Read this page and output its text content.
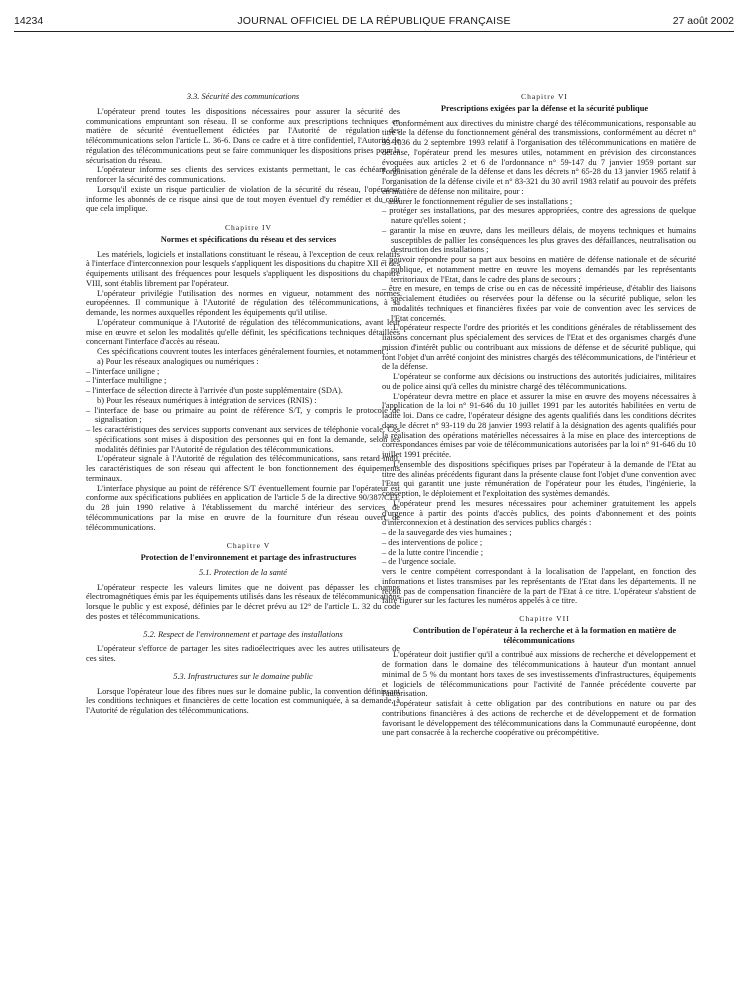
14234	JOURNAL OFFICIEL DE LA RÉPUBLIQUE FRANÇAISE	27 août 2002

3.3. Sécurité des communications

L'opérateur prend toutes les dispositions nécessaires pour assurer la sécurité des communications empruntant son réseau. Il se conforme aux prescriptions techniques en matière de sécurité éventuellement édictées par l'Autorité de régulation des télécommunications selon l'article L. 36-6. Dans ce cadre et à titre confidentiel, l'Autorité de régulation des télécommunications peut se faire communiquer les dispositions prises pour la sécurisation du réseau.

L'opérateur informe ses clients des services existants permettant, le cas échéant, de renforcer la sécurité des communications.

Lorsqu'il existe un risque particulier de violation de la sécurité du réseau, l'opérateur informe les abonnés de ce risque ainsi que de tout moyen éventuel d'y remédier et du coût que cela implique.

Chapitre IV

Normes et spécifications du réseau et des services

Les matériels, logiciels et installations constituant le réseau, à l'exception de ceux relatifs à l'interface d'interconnexion pour lesquels s'appliquent les dispositions du chapitre XII et des équipements utilisant des fréquences pour lesquels s'appliquent les dispositions du chapitre VIII, sont établis librement par l'opérateur.

L'opérateur privilégie l'utilisation des normes en vigueur, notamment des normes européennes. Il communique à l'Autorité de régulation des télécommunications, à sa demande, les normes auxquelles répondent les équipements qu'il utilise.

L'opérateur communique à l'Autorité de régulation des télécommunications, avant leur mise en œuvre et selon les modalités qu'elle définit, les spécifications techniques détaillées concernant l'interface d'accès au réseau.

Ces spécifications couvrent toutes les interfaces généralement fournies, et notamment :

a) Pour les réseaux analogiques ou numériques :

– l'interface uniligne ;
– l'interface multiligne ;
– l'interface de sélection directe à l'arrivée d'un poste supplémentaire (SDA).

b) Pour les réseaux numériques à intégration de services (RNIS) :

– l'interface de base ou primaire au point de référence S/T, y compris le protocole de signalisation ;
– les caractéristiques des services supports convenant aux services de téléphonie vocale. Ces spécifications sont mises à disposition des personnes qui en font la demande, selon les modalités définies par l'Autorité de régulation des télécommunications.

L'opérateur signale à l'Autorité de régulation des télécommunications, sans retard indû, les caractéristiques de son réseau qui affectent le bon fonctionnement des équipements terminaux.

L'interface physique au point de référence S/T éventuellement fournie par l'opérateur est conforme aux spécifications publiées en application de l'article 5 de la directive 90/387/CEE du 28 juin 1990 relative à l'établissement du marché intérieur des services de télécommunications par la mise en œuvre de la fourniture d'un réseau ouvert de télécommunications.

Chapitre V

Protection de l'environnement et partage des infrastructures

5.1. Protection de la santé

L'opérateur respecte les valeurs limites que ne doivent pas dépasser les champs électromagnétiques émis par les équipements utilisés dans les réseaux de télécommunications lorsque le public y est exposé, définies par le décret prévu au 12° de l'article L. 32 du code des postes et télécommunications.

5.2. Respect de l'environnement et partage des installations

L'opérateur s'efforce de partager les sites radioélectriques avec les autres utilisateurs de ces sites.

5.3. Infrastructures sur le domaine public

Lorsque l'opérateur loue des fibres nues sur le domaine public, la convention définissant les conditions techniques et financières de cette location est communiquée, à sa demande, à l'Autorité de régulation des télécommunications.

Chapitre VI

Prescriptions exigées par la défense et la sécurité publique

Conformément aux directives du ministre chargé des télécommunications, responsable au titre de la défense du fonctionnement général des transmissions, conformément au décret n° 93-1036 du 2 septembre 1993 relatif à l'organisation des télécommunications en matière de défense, l'opérateur prend les mesures utiles, notamment en prévision des circonstances évoquées aux articles 2 et 6 de l'ordonnance n° 59-147 du 7 janvier 1959 portant sur l'organisation générale de la défense et dans les décrets n° 65-28 du 13 janvier 1965 relatif à l'organisation de la défense civile et n° 83-321 du 30 avril 1983 relatif au pouvoir des préfets en matière de défense non militaire, pour :

– assurer le fonctionnement régulier de ses installations ;
– protéger ses installations, par des mesures appropriées, contre des agressions de quelque nature qu'elles soient ;
– garantir la mise en œuvre, dans les meilleurs délais, de moyens techniques et humains susceptibles de pallier les conséquences les plus graves des défaillances, neutralisation ou destruction des installations ;
– pouvoir répondre pour sa part aux besoins en matière de défense nationale et de sécurité publique, et notamment mettre en œuvre les moyens demandés par les représentants territoriaux de l'Etat, dans le cadre des plans de secours ;
– être en mesure, en temps de crise ou en cas de nécessité impérieuse, d'établir des liaisons spécialement étudiées ou réservées pour la défense ou la sécurité publique, selon les modalités techniques et financières fixées par voie de convention avec les services de l'Etat concernés.

L'opérateur respecte l'ordre des priorités et les conditions générales de rétablissement des liaisons concernant plus spécialement des services de l'Etat et des organismes chargés d'une mission d'intérêt public ou contribuant aux missions de défense et de sécurité publique, qui font l'objet d'un arrêté conjoint des ministres chargés des télécommunications, de l'intérieur et de la défense.

L'opérateur se conforme aux décisions ou instructions des autorités judiciaires, militaires ou de police ainsi qu'à celles du ministre chargé des télécommunications.

L'opérateur devra mettre en place et assurer la mise en œuvre des moyens nécessaires à l'application de la loi n° 91-646 du 10 juillet 1991 par les autorités habilitées en vertu de ladite loi. Dans ce cadre, l'opérateur désigne des agents qualifiés dans les conditions décrites dans le décret n° 93-119 du 28 janvier 1993 relatif à la désignation des agents qualifiés pour la réalisation des opérations matérielles nécessaires à la mise en place des interceptions de correspondances émises par voie de télécommunications autorisées par la loi n° 91-646 du 10 juillet 1991 précitée.

L'ensemble des dispositions spécifiques prises par l'opérateur à la demande de l'Etat au titre des alinéas précédents figurant dans la présente clause font l'objet d'une convention avec l'Etat qui garantit une juste rémunération de l'opérateur pour les études, l'ingénierie, la conception, le déploiement et l'exploitation des systèmes demandés.

L'opérateur prend les mesures nécessaires pour acheminer gratuitement les appels d'urgence à partir des points d'accès publics, des points d'abonnement et des points d'interconnexion et à destination des services publics chargés :

– de la sauvegarde des vies humaines ;
– des interventions de police ;
– de la lutte contre l'incendie ;
– de l'urgence sociale.

vers le centre compétent correspondant à la localisation de l'appelant, en fonction des informations et listes transmises par les représentants de l'Etat dans les départements. Il ne reçoit pas de compensation financière de la part de l'Etat à ce titre. L'opérateur s'abstient de faire figurer sur les factures les numéros appelés à ce titre.

Chapitre VII

Contribution de l'opérateur à la recherche et à la formation en matière de télécommunications

L'opérateur doit justifier qu'il a contribué aux missions de recherche et développement et de formation dans le domaine des télécommunications à hauteur d'un montant annuel minimal de 5 % du montant hors taxes de ses investissements d'infrastructures, équipements et logiciels de télécommunications pour l'activité de l'année précédente couverte par l'autorisation.

L'opérateur satisfait à cette obligation par des contributions en nature ou par des contributions financières à des actions de recherche et de développement et de formation favorisant le développement des télécommunications dans la Communauté européenne, dont une part consacrée à la recherche coopérative ou précompétitive.
